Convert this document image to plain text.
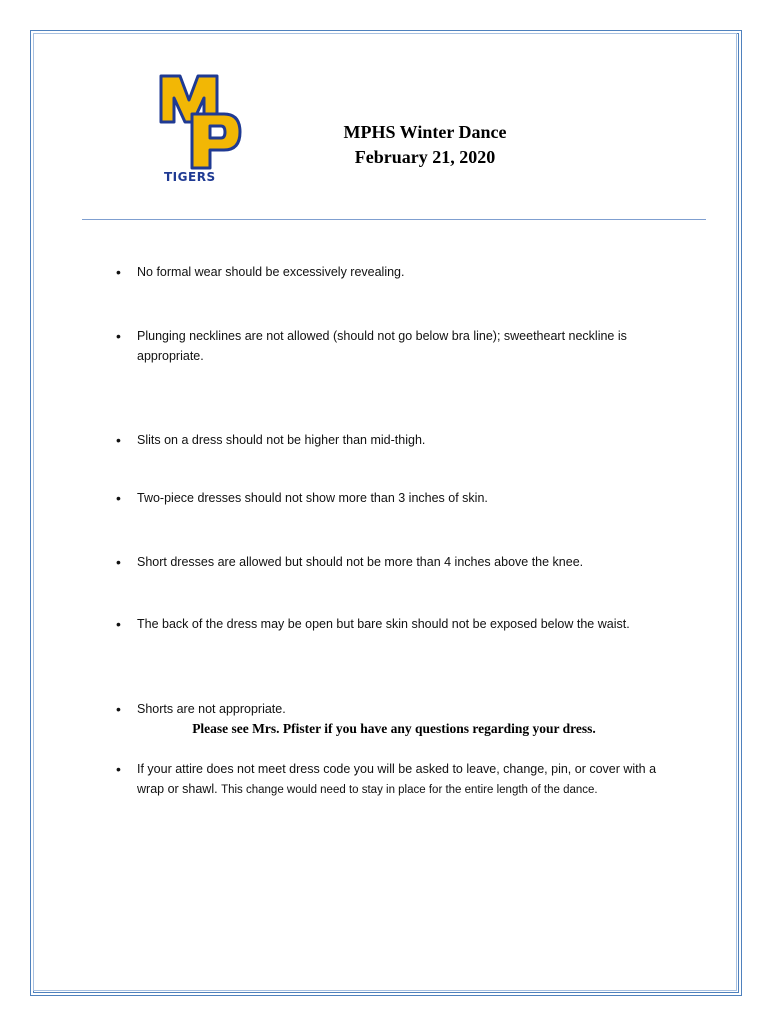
TIGERS
MPHS Winter Dance
February 21, 2020
• No formal wear should be excessively revealing.
• Plunging necklines are not allowed (should not go below bra line); sweetheart neckline is appropriate.
• Slits on a dress should not be higher than mid-thigh.
• Two-piece dresses should not show more than 3 inches of skin.
• Short dresses are allowed but should not be more than 4 inches above the knee.
• The back of the dress may be open but bare skin should not be exposed below the waist.
• Shorts are not appropriate.
• If your attire does not meet dress code you will be asked to leave, change, pin, or cover with a wrap or shawl. This change would need to stay in place for the entire length of the dance.
Please see Mrs. Pfister if you have any questions regarding your dress.
